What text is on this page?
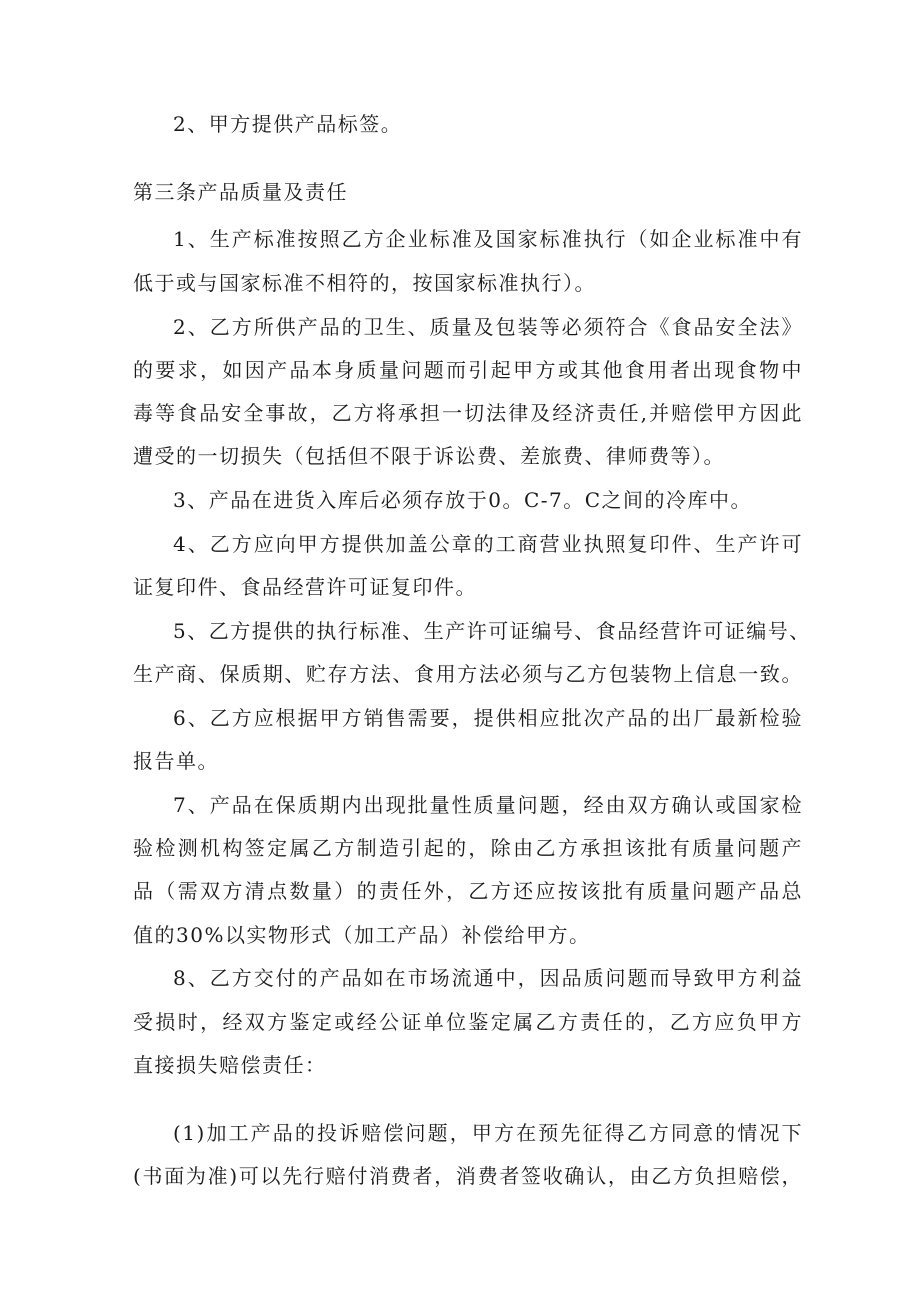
2、甲方提供产品标签。
第三条产品质量及责任
1、生产标准按照乙方企业标准及国家标准执行（如企业标准中有
低于或与国家标准不相符的，按国家标准执行）。
2、乙方所供产品的卫生、质量及包装等必须符合《食品安全法》
的要求，如因产品本身质量问题而引起甲方或其他食用者出现食物中
毒等食品安全事故，乙方将承担一切法律及经济责任,并赔偿甲方因此
遭受的一切损失（包括但不限于诉讼费、差旅费、律师费等）。
3、产品在进货入库后必须存放于0。C-7。C之间的冷库中。
4、乙方应向甲方提供加盖公章的工商营业执照复印件、生产许可
证复印件、食品经营许可证复印件。
5、乙方提供的执行标准、生产许可证编号、食品经营许可证编号、
生产商、保质期、贮存方法、食用方法必须与乙方包装物上信息一致。
6、乙方应根据甲方销售需要，提供相应批次产品的出厂最新检验
报告单。
7、产品在保质期内出现批量性质量问题，经由双方确认或国家检
验检测机构签定属乙方制造引起的，除由乙方承担该批有质量问题产
品（需双方清点数量）的责任外，乙方还应按该批有质量问题产品总
值的30%以实物形式（加工产品）补偿给甲方。
8、乙方交付的产品如在市场流通中，因品质问题而导致甲方利益
受损时，经双方鉴定或经公证单位鉴定属乙方责任的，乙方应负甲方
直接损失赔偿责任：
(1)加工产品的投诉赔偿问题，甲方在预先征得乙方同意的情况下
(书面为准)可以先行赔付消费者，消费者签收确认，由乙方负担赔偿，
